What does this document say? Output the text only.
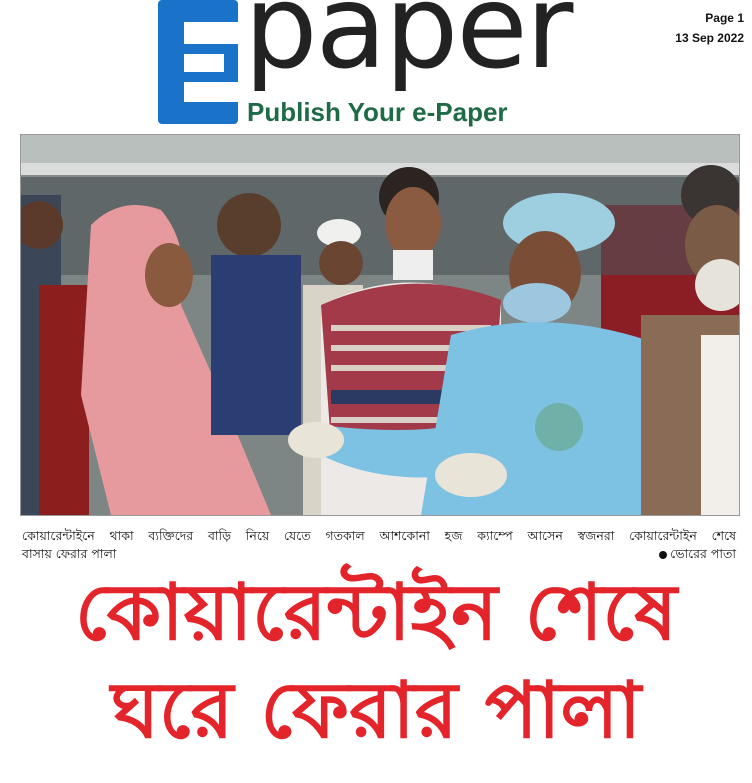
paper
Publish Your e-Paper
Page 1
13 Sep 2022
কোয়ারেন্টাইনে থাকা ব্যক্তিদের বাড়ি নিয়ে যেতে গতকাল আশকোনা হজ ক্যাম্পে আসেন স্বজনরা কোয়ারেন্টাইন শেষে
বাসায় ফেরার পালা	ভোরের পাতা
কোয়ারেন্টাইন শেষে
ঘরে ফেরার পালা
